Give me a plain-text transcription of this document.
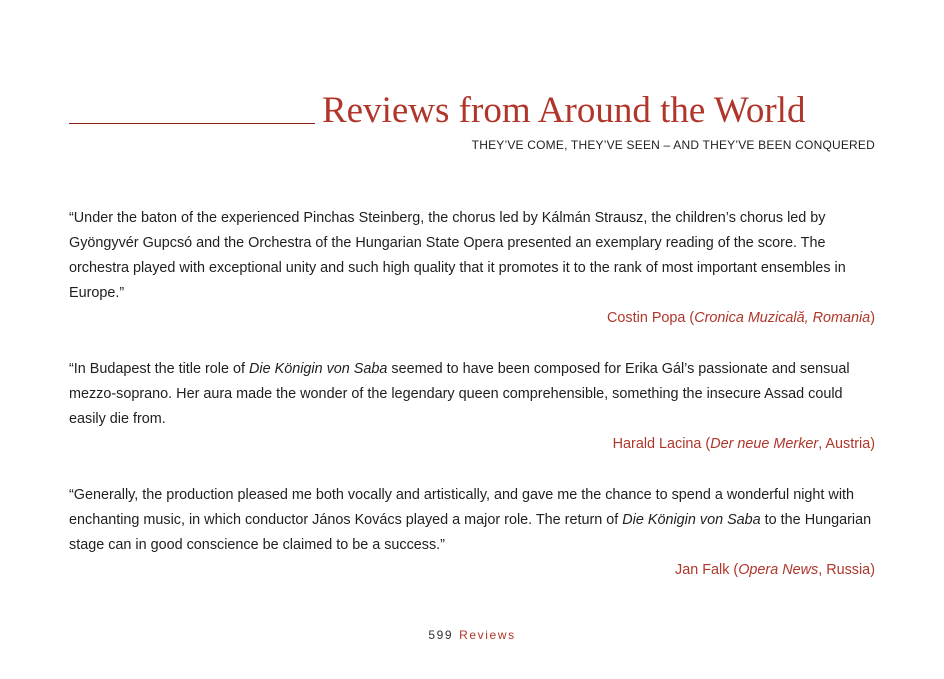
Reviews from Around the World

THEY’VE COME, THEY’VE SEEN – AND THEY’VE BEEN CONQUERED

“Under the baton of the experienced Pinchas Steinberg, the chorus led by Kálmán Strausz, the children’s chorus led by Gyöngyvér Gupcsó and the Orchestra of the Hungarian State Opera presented an exemplary reading of the score. The orchestra played with exceptional unity and such high quality that it promotes it to the rank of most important ensembles in Europe.”

Costin Popa (Cronica Muzicală, Romania)

“In Budapest the title role of Die Königin von Saba seemed to have been composed for Erika Gál’s passionate and sensual mezzo-soprano. Her aura made the wonder of the legendary queen comprehensible, something the insecure Assad could easily die from.

Harald Lacina (Der neue Merker, Austria)

“Generally, the production pleased me both vocally and artistically, and gave me the chance to spend a wonderful night with enchanting music, in which conductor János Kovács played a major role. The return of Die Königin von Saba to the Hungarian stage can in good conscience be claimed to be a success.”

Jan Falk (Opera News, Russia)

599 Reviews
